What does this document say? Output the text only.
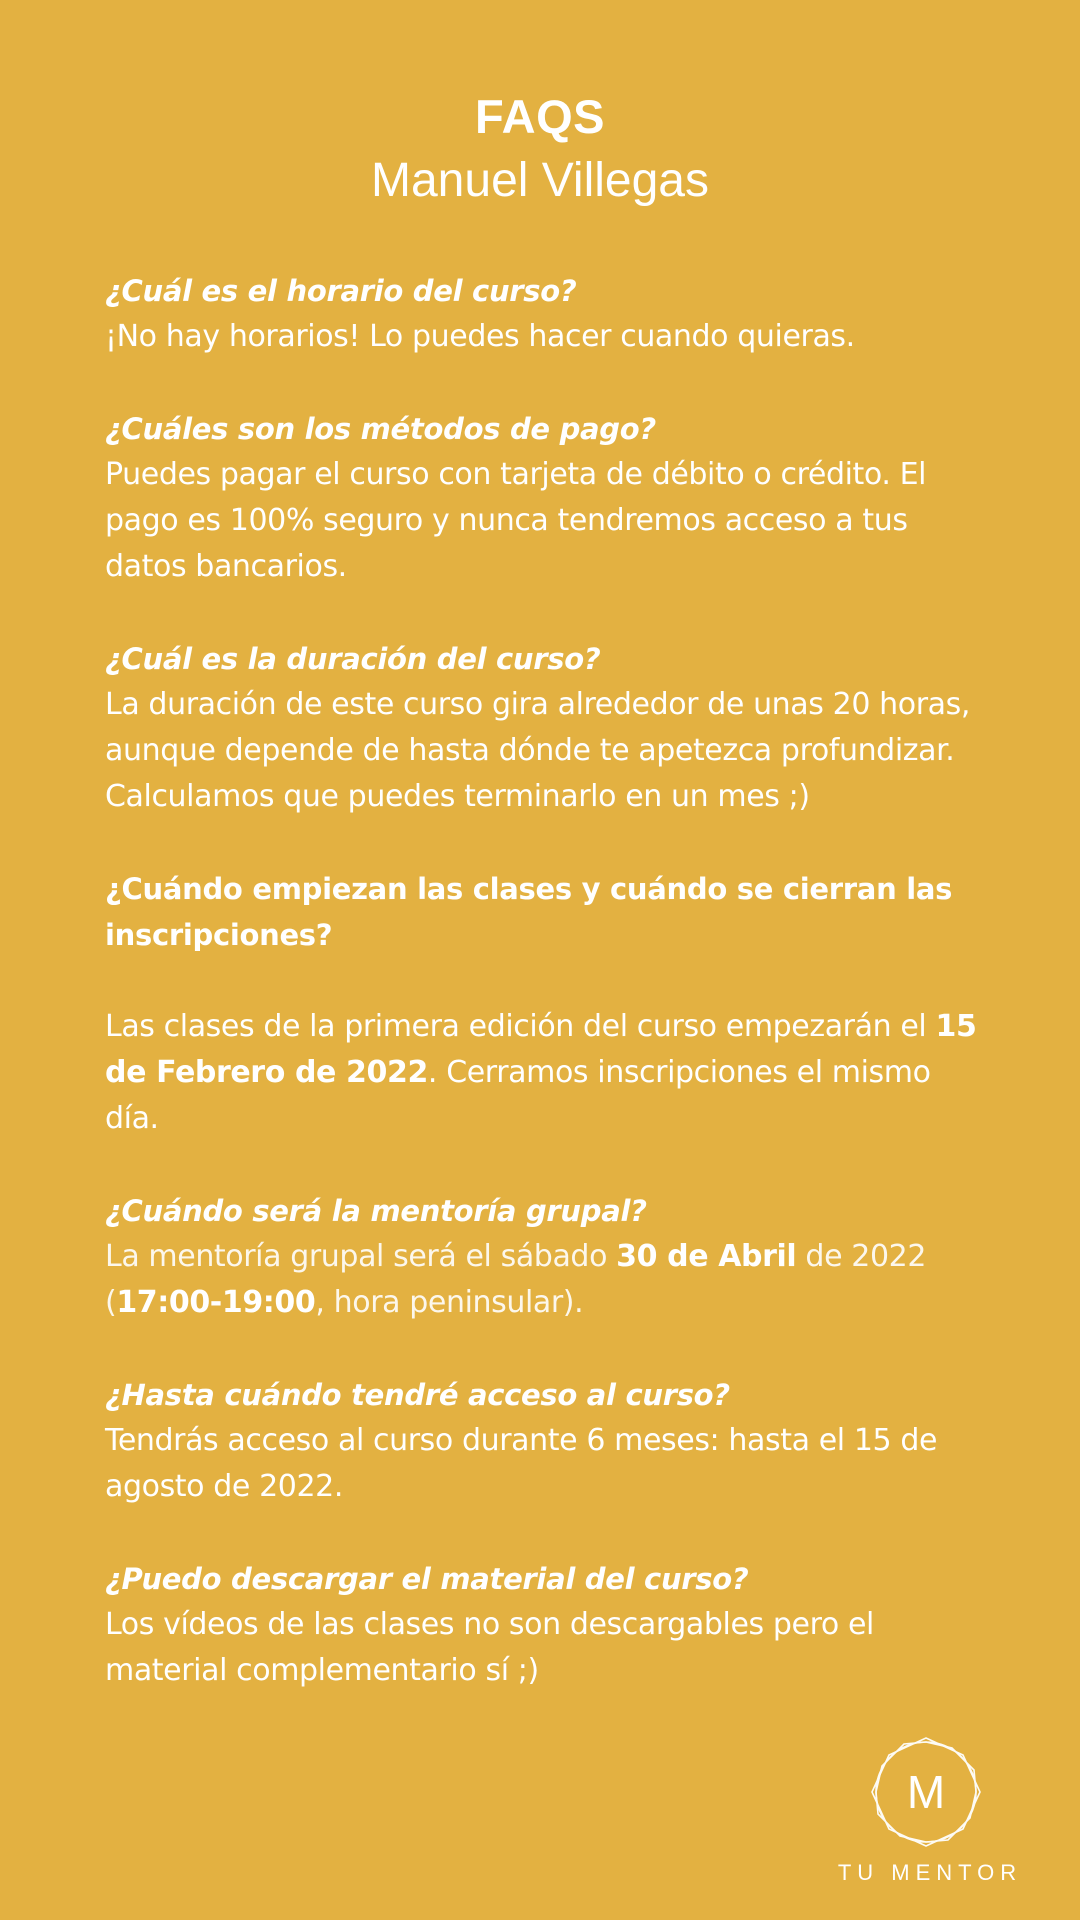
FAQS
Manuel Villegas

¿Cuál es el horario del curso?

¡No hay horarios! Lo puedes hacer cuando quieras.

¿Cuáles son los métodos de pago?

Puedes pagar el curso con tarjeta de débito o crédito. El pago es 100% seguro y nunca tendremos acceso a tus datos bancarios.

¿Cuál es la duración del curso?

La duración de este curso gira alrededor de unas 20 horas, aunque depende de hasta dónde te apetezca profundizar. Calculamos que puedes terminarlo en un mes ;)

¿Cuándo empiezan las clases y cuándo se cierran las inscripciones?

Las clases de la primera edición del curso empezarán el 15 de Febrero de 2022. Cerramos inscripciones el mismo día.

¿Cuándo será la mentoría grupal?

La mentoría grupal será el sábado 30 de Abril de 2022 (17:00-19:00, hora peninsular).

¿Hasta cuándo tendré acceso al curso?

Tendrás acceso al curso durante 6 meses: hasta el 15 de agosto de 2022.

¿Puedo descargar el material del curso?

Los vídeos de las clases no son descargables pero el material complementario sí ;)

M
TU MENTOR
